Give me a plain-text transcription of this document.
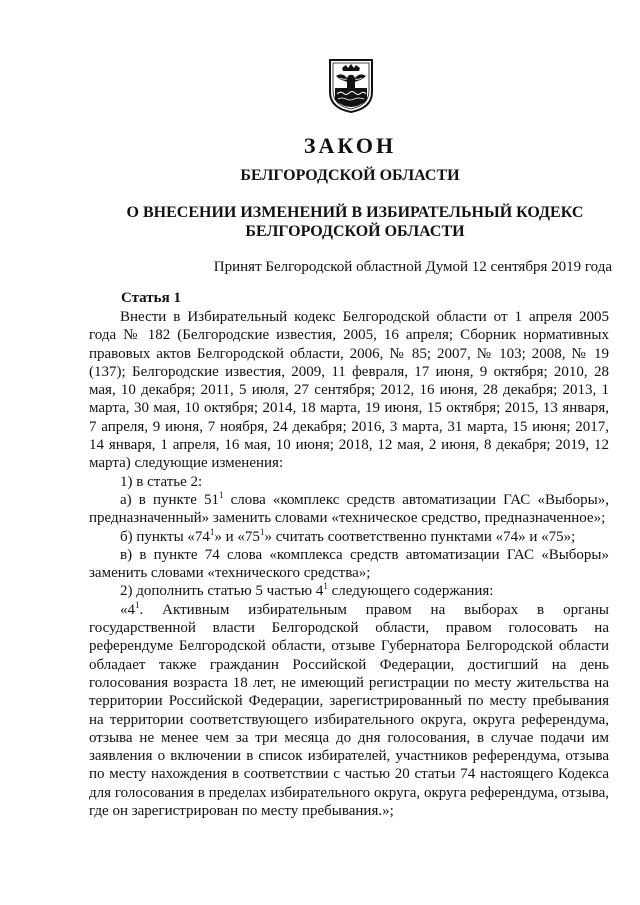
ЗАКОН
БЕЛГОРОДСКОЙ ОБЛАСТИ
О ВНЕСЕНИИ ИЗМЕНЕНИЙ В ИЗБИРАТЕЛЬНЫЙ КОДЕКС
БЕЛГОРОДСКОЙ ОБЛАСТИ
Принят Белгородской областной Думой 12 сентября 2019 года
Статья 1

Внести в Избирательный кодекс Белгородской области от 1 апреля 2005 года № 182 (Белгородские известия, 2005, 16 апреля; Сборник нормативных правовых актов Белгородской области, 2006, № 85; 2007, № 103; 2008, № 19 (137); Белгородские известия, 2009, 11 февраля, 17 июня, 9 октября; 2010, 28 мая, 10 декабря; 2011, 5 июля, 27 сентября; 2012, 16 июня, 28 декабря; 2013, 1 марта, 30 мая, 10 октября; 2014, 18 марта, 19 июня, 15 октября; 2015, 13 января, 7 апреля, 9 июня, 7 ноября, 24 декабря; 2016, 3 марта, 31 марта, 15 июня; 2017, 14 января, 1 апреля, 16 мая, 10 июня; 2018, 12 мая, 2 июня, 8 декабря; 2019, 12 марта) следующие изменения:

1) в статье 2:

а) в пункте $51^1$ слова «комплекс средств автоматизации ГАС «Выборы», предназначенный» заменить словами «техническое средство, предназначенное»;

б) пункты «$74^1$» и «$75^1$» считать соответственно пунктами «74» и «75»;

в) в пункте 74 слова «комплекса средств автоматизации ГАС «Выборы» заменить словами «технического средства»;

2) дополнить статью 5 частью $4^1$ следующего содержания:

«$4^1$. Активным избирательным правом на выборах в органы государственной власти Белгородской области, правом голосовать на референдуме Белгородской области, отзыве Губернатора Белгородской области обладает также гражданин Российской Федерации, достигший на день голосования возраста 18 лет, не имеющий регистрации по месту жительства на территории Российской Федерации, зарегистрированный по месту пребывания на территории соответствующего избирательного округа, округа референдума, отзыва не менее чем за три месяца до дня голосования, в случае подачи им заявления о включении в список избирателей, участников референдума, отзыва по месту нахождения в соответствии с частью 20 статьи 74 настоящего Кодекса для голосования в пределах избирательного округа, округа референдума, отзыва, где он зарегистрирован по месту пребывания.»;
